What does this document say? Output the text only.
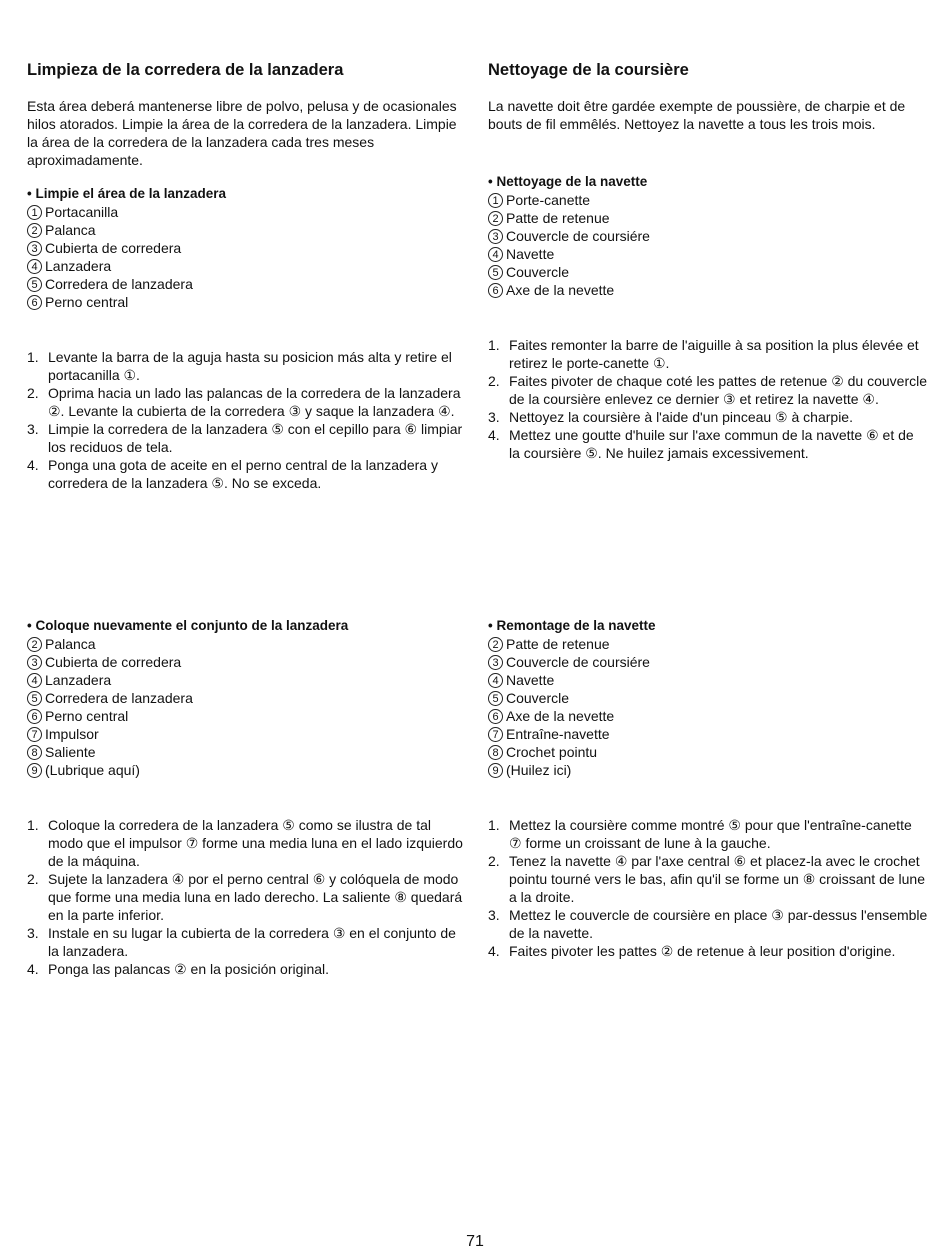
Limpieza de la corredera de la lanzadera

Esta área deberá mantenerse libre de polvo, pelusa y de ocasionales hilos atorados. Limpie la área de la corredera de la lanzadera. Limpie la área de la corredera de la lanzadera cada tres meses aproximadamente.

• Limpie el área de la lanzadera

1 Portacanilla
2 Palanca
3 Cubierta de corredera
4 Lanzadera
5 Corredera de lanzadera
6 Perno central
1. Levante la barra de la aguja hasta su posicion más alta y retire el portacanilla ①.
2. Oprima hacia un lado las palancas de la corredera de la lanzadera ②. Levante la cubierta de la corredera ③ y saque la lanzadera ④.
3. Limpie la corredera de la lanzadera ⑤ con el cepillo para ⑥ limpiar los reciduos de tela.
4. Ponga una gota de aceite en el perno central de la lanzadera y corredera de la lanzadera ⑤. No se exceda.

• Coloque nuevamente el conjunto de la lanzadera

2 Palanca
3 Cubierta de corredera
4 Lanzadera
5 Corredera de lanzadera
6 Perno central
7 Impulsor
8 Saliente
9 (Lubrique aquí)
1. Coloque la corredera de la lanzadera ⑤ como se ilustra de tal modo que el impulsor ⑦ forme una media luna en el lado izquierdo de la máquina.
2. Sujete la lanzadera ④ por el perno central ⑥ y colóquela de modo que forme una media luna en lado derecho. La saliente ⑧ quedará en la parte inferior.
3. Instale en su lugar la cubierta de la corredera ③ en el conjunto de la lanzadera.
4. Ponga las palancas ② en la posición original.
Nettoyage de la coursière

La navette doit être gardée exempte de poussière, de charpie et de bouts de fil emmêlés. Nettoyez la navette a tous les trois mois.

• Nettoyage de la navette

1 Porte-canette
2 Patte de retenue
3 Couvercle de coursiére
4 Navette
5 Couvercle
6 Axe de la nevette
1. Faites remonter la barre de l'aiguille à sa position la plus élevée et retirez le porte-canette ①.
2. Faites pivoter de chaque coté les pattes de retenue ② du couvercle de la coursière enlevez ce dernier ③ et retirez la navette ④.
3. Nettoyez la coursière à l'aide d'un pinceau ⑤ à charpie.
4. Mettez une goutte d'huile sur l'axe commun de la navette ⑥ et de la coursière ⑤. Ne huilez jamais excessivement.

• Remontage de la navette

2 Patte de retenue
3 Couvercle de coursiére
4 Navette
5 Couvercle
6 Axe de la nevette
7 Entraîne-navette
8 Crochet pointu
9 (Huilez ici)
1. Mettez la coursière comme montré ⑤ pour que l'entraîne-canette ⑦ forme un croissant de lune à la gauche.
2. Tenez la navette ④ par l'axe central ⑥ et placez-la avec le crochet pointu tourné vers le bas, afin qu'il se forme un ⑧ croissant de lune a la droite.
3. Mettez le couvercle de coursière en place ③ par-dessus l'ensemble de la navette.
4. Faites pivoter les pattes ② de retenue à leur position d'origine.
71
